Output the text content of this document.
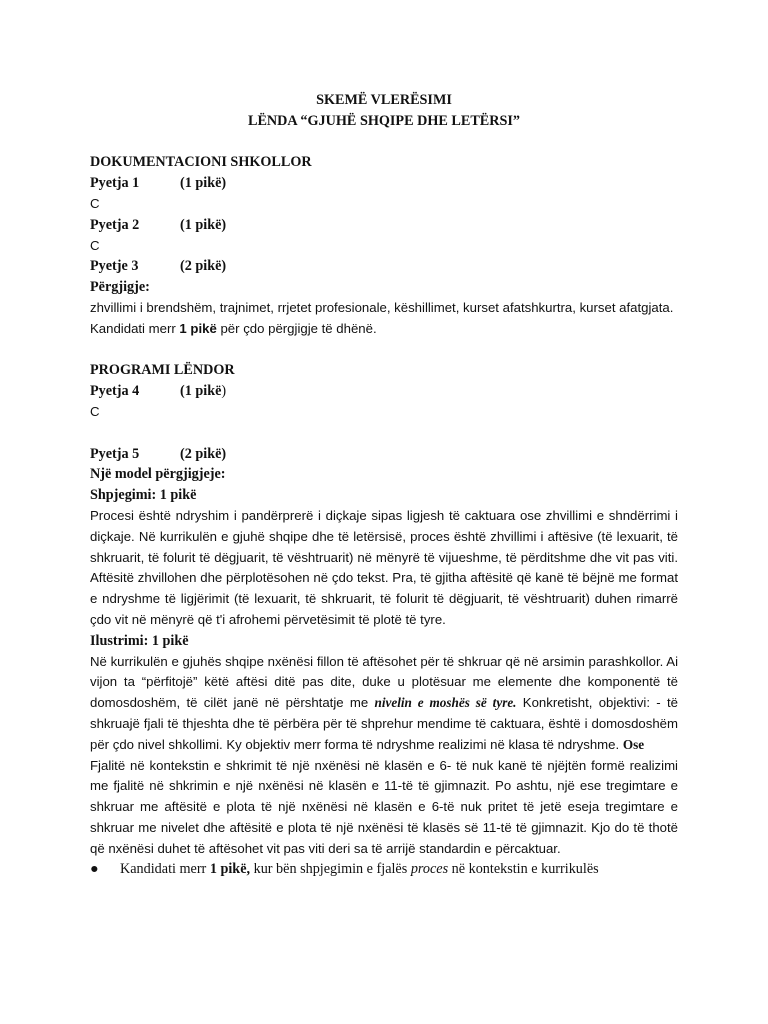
SKEMË VLERËSIMI
LËNDA “GJUHË SHQIPE DHE LETËRSI”
DOKUMENTACIONI SHKOLLOR
Pyetja 1	(1 pikë)
C
Pyetja 2	(1 pikë)
C
Pyetje 3	(2 pikë)
Përgjigje:
zhvillimi i brendshëm, trajnimet, rrjetet profesionale, këshillimet, kurset afatshkurtra, kurset afatgjata.
Kandidati merr 1 pikë për çdo përgjigje të dhënë.
PROGRAMI LËNDOR
Pyetja 4	(1 pikë)
C
Pyetja 5	(2 pikë)
Një model përgjigjeje:
Shpjegimi: 1 pikë
Procesi është ndryshim i pandërprerë i diçkaje sipas ligjesh të caktuara ose zhvillimi e shndërrimi i diçkaje. Në kurrikulën e gjuhë shqipe dhe të letërsisë, proces është zhvillimi i aftësive (të lexuarit, të shkruarit, të folurit të dëgjuarit, të vështruarit) në mënyrë të vijueshme, të përditshme dhe vit pas viti. Aftësitë zhvillohen dhe përplotësohen në çdo tekst. Pra, të gjitha aftësitë që kanë të bëjnë me format e ndryshme të ligjërimit (të lexuarit, të shkruarit, të folurit të dëgjuarit, të vështruarit) duhen rimarrë çdo vit në mënyrë që t'i afrohemi përvetësimit të plotë të tyre.
Ilustrimi: 1 pikë
Në kurrikulën e gjuhës shqipe nxënësi fillon të aftësohet për të shkruar që në arsimin parashkollor. Ai vijon ta “përfitojë” këtë aftësi ditë pas dite, duke u plotësuar me elemente dhe komponentë të domosdoshëm, të cilët janë në përshtatje me nivelin e moshës së tyre. Konkretisht, objektivi: - të shkruajë fjali të thjeshta dhe të përbëra për të shprehur mendime të caktuara, është i domosdoshëm për çdo nivel shkollimi. Ky objektiv merr forma të ndryshme realizimi në klasa të ndryshme. Ose
Fjalitë në kontekstin e shkrimit të një nxënësi në klasën e 6- të nuk kanë të njëjtën formë realizimi me fjalitë në shkrimin e një nxënësi në klasën e 11-të të gjimnazit. Po ashtu, një ese tregimtare e shkruar me aftësitë e plota të një nxënësi në klasën e 6-të nuk pritet të jetë eseja tregimtare e shkruar me nivelet dhe aftësitë e plota të një nxënësi të klasës së 11-të të gjimnazit. Kjo do të thotë që nxënësi duhet të aftësohet vit pas viti deri sa të arrijë standardin e përcaktuar.
●	Kandidati merr 1 pikë, kur bën shpjegimin e fjalës proces në kontekstin e kurrikulës
